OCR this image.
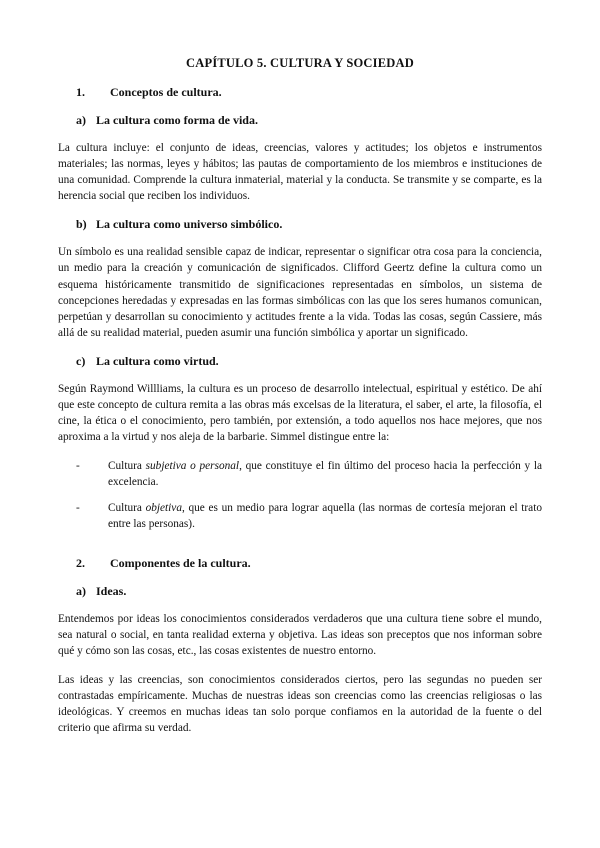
CAPÍTULO 5. CULTURA Y SOCIEDAD
1.	Conceptos de cultura.
a) La cultura como forma de vida.

La cultura incluye: el conjunto de ideas, creencias, valores y actitudes; los objetos e instrumentos materiales; las normas, leyes y hábitos; las pautas de comportamiento de los miembros e instituciones de una comunidad. Comprende la cultura inmaterial, material y la conducta. Se transmite y se comparte, es la herencia social que reciben los individuos.

b) La cultura como universo simbólico.

Un símbolo es una realidad sensible capaz de indicar, representar o significar otra cosa para la conciencia, un medio para la creación y comunicación de significados. Clifford Geertz define la cultura como un esquema históricamente transmitido de significaciones representadas en símbolos, un sistema de concepciones heredadas y expresadas en las formas simbólicas con las que los seres humanos comunican, perpetúan y desarrollan su conocimiento y actitudes frente a la vida. Todas las cosas, según Cassiere, más allá de su realidad material, pueden asumir una función simbólica y aportar un significado.

c) La cultura como virtud.

Según Raymond Willliams, la cultura es un proceso de desarrollo intelectual, espiritual y estético. De ahí que este concepto de cultura remita a las obras más excelsas de la literatura, el saber, el arte, la filosofía, el cine, la ética o el conocimiento, pero también, por extensión, a todo aquellos nos hace mejores, que nos aproxima a la virtud y nos aleja de la barbarie. Simmel distingue entre la:

-	Cultura subjetiva o personal, que constituye el fin último del proceso hacia la perfección y la excelencia.
-	Cultura objetiva, que es un medio para lograr aquella (las normas de cortesía mejoran el trato entre las personas).
2.	Componentes de la cultura.
a) Ideas.

Entendemos por ideas los conocimientos considerados verdaderos que una cultura tiene sobre el mundo, sea natural o social, en tanta realidad externa y objetiva. Las ideas son preceptos que nos informan sobre qué y cómo son las cosas, etc., las cosas existentes de nuestro entorno.

Las ideas y las creencias, son conocimientos considerados ciertos, pero las segundas no pueden ser contrastadas empíricamente. Muchas de nuestras ideas son creencias como las creencias religiosas o las ideológicas. Y creemos en muchas ideas tan solo porque confiamos en la autoridad de la fuente o del criterio que afirma su verdad.
